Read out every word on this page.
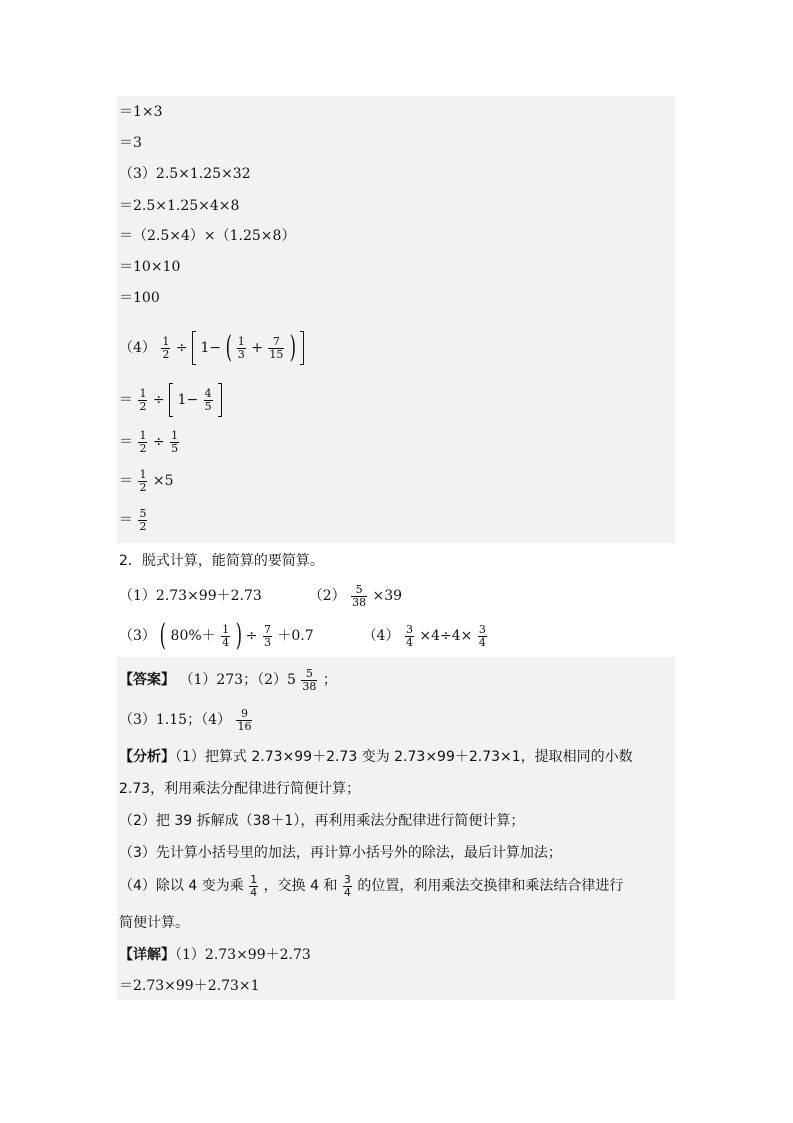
＝1×3
＝3
（3）2.5×1.25×32
＝2.5×1.25×4×8
＝（2.5×4）×（1.25×8）
＝10×10
＝100
$(4) \frac{1}{2} \div 1-$ ( $\frac{1}{3} + \frac{7}{15}$ )
＝ $\frac{1}{2} \div 1- \frac{4}{5}$

＝ $\frac{1}{2} \div \frac{1}{5}$
＝ $\frac{1}{2} \times 5$
＝ $\frac{5}{2}$
2．脱式计算，能简算的要简算。
（1）2.73×99＋2.73	$(2) \frac{5}{38} \times 39$
（3） ( $80\%+ \frac{1}{4}$ ) ÷ $\frac{7}{3} +0.7$	$(4) \frac{3}{4} \times 4\div 4\times \frac{3}{4}$
【答案】 （1）273；$(2)5 \frac{5}{38}$ ；
（3）1.15；$(4) \frac{9}{16}$
【分析】（1）把算式 2.73×99＋2.73 变为 2.73×99＋2.73×1，提取相同的小数
2.73，利用乘法分配律进行简便计算；
（2）把 39 拆解成（38＋1），再利用乘法分配律进行简便计算；
（3）先计算小括号里的加法，再计算小括号外的除法，最后计算加法；
（4）除以 4 变为乘 $\frac{1}{4}$ ，交换 4 和 $\frac{3}{4}$ 的位置，利用乘法交换律和乘法结合律进行
简便计算。
【详解】（1）2.73×99＋2.73
＝2.73×99＋2.73×1
